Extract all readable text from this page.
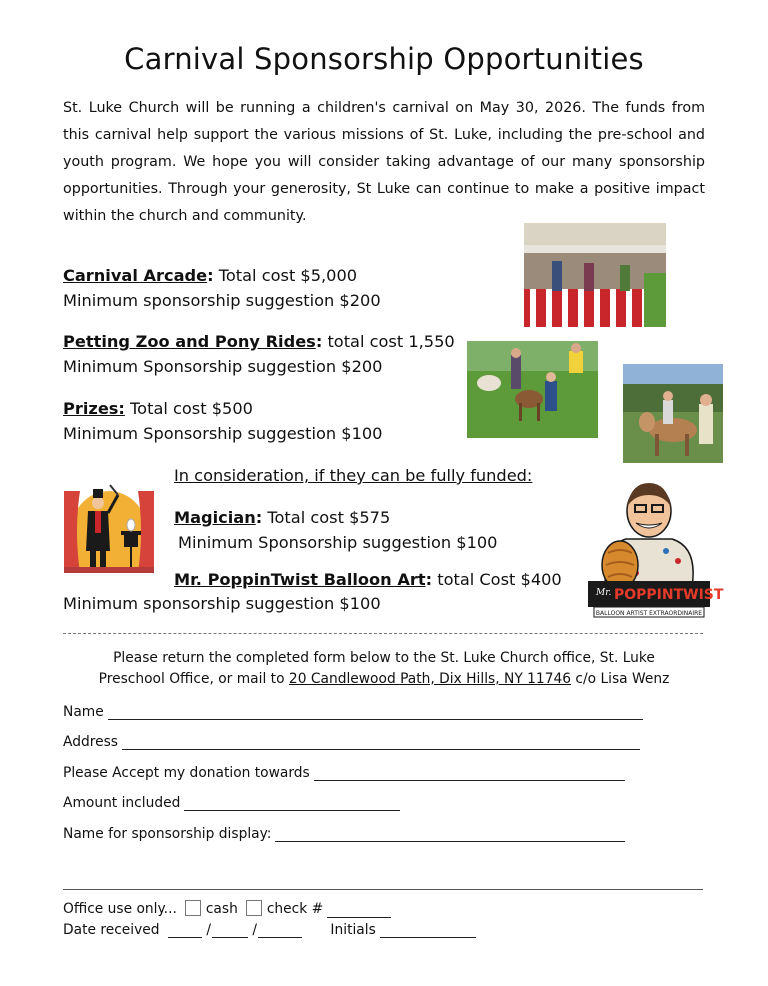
Carnival Sponsorship Opportunities
St. Luke Church will be running a children's carnival on May 30, 2026. The funds from this carnival help support the various missions of St. Luke, including the pre-school and youth program. We hope you will consider taking advantage of our many sponsorship opportunities. Through your generosity, St Luke can continue to make a positive impact within the church and community.
Carnival Arcade: Total cost $5,000
Minimum sponsorship suggestion $200
Petting Zoo and Pony Rides: total cost 1,550
Minimum Sponsorship suggestion $200
Prizes: Total cost $500
Minimum Sponsorship suggestion $100
In consideration, if they can be fully funded:
Magician: Total cost $575
Minimum Sponsorship suggestion $100
Mr. PoppinTwist Balloon Art: total Cost $400
Minimum sponsorship suggestion $100
Mr. POPPINTWIST
BALLOON ARTIST EXTRAORDINAIRE
Please return the completed form below to the St. Luke Church office, St. Luke
Preschool Office, or mail to 20 Candlewood Path, Dix Hills, NY 11746 c/o Lisa Wenz
Name
Address
Please Accept my donation towards
Amount included
Name for sponsorship display:
Office use only... cash check #
Date received	/	/	Initials
